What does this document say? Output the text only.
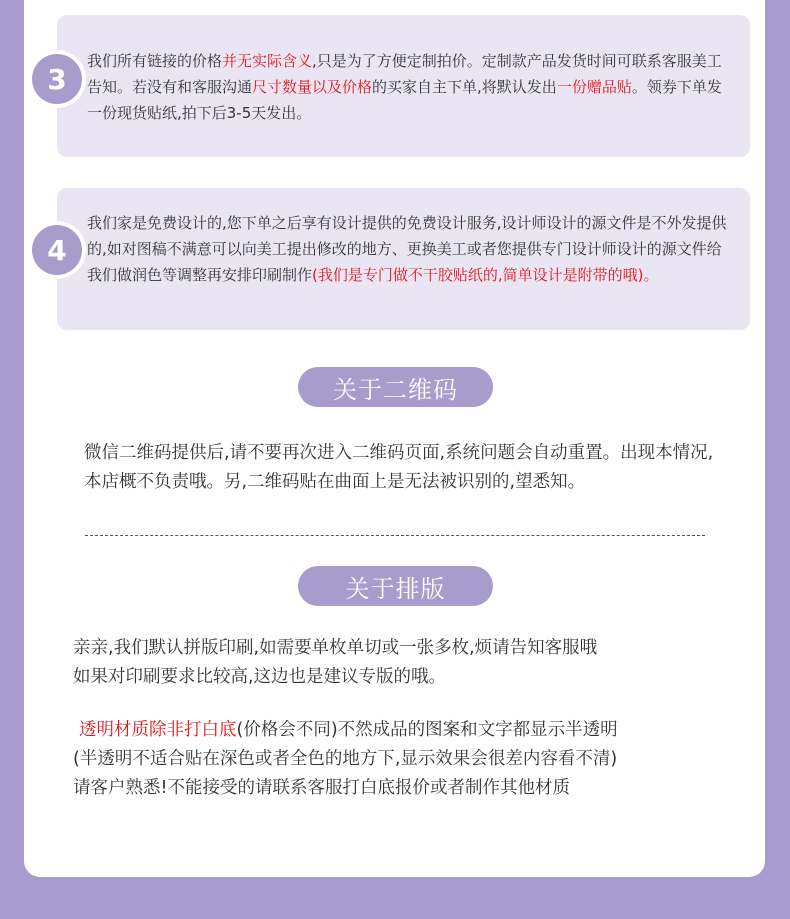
我们所有链接的价格并无实际含义,只是为了方便定制拍价。定制款产品发货时间可联系客服美工告知。若没有和客服沟通尺寸数量以及价格的买家自主下单,将默认发出一份赠品贴。领券下单发一份现货贴纸,拍下后3-5天发出。

3

我们家是免费设计的,您下单之后享有设计提供的免费设计服务,设计师设计的源文件是不外发提供的,如对图稿不满意可以向美工提出修改的地方、更换美工或者您提供专门设计师设计的源文件给我们做润色等调整再安排印刷制作(我们是专门做不干胶贴纸的,简单设计是附带的哦)。

4
关于二维码

微信二维码提供后,请不要再次进入二维码页面,系统问题会自动重置。出现本情况,本店概不负责哦。另,二维码贴在曲面上是无法被识别的,望悉知。

关于排版

亲亲,我们默认拼版印刷,如需要单枚单切或一张多枚,烦请告知客服哦
如果对印刷要求比较高,这边也是建议专版的哦。

透明材质除非打白底(价格会不同)不然成品的图案和文字都显示半透明
(半透明不适合贴在深色或者全色的地方下,显示效果会很差内容看不清)
请客户熟悉!不能接受的请联系客服打白底报价或者制作其他材质
